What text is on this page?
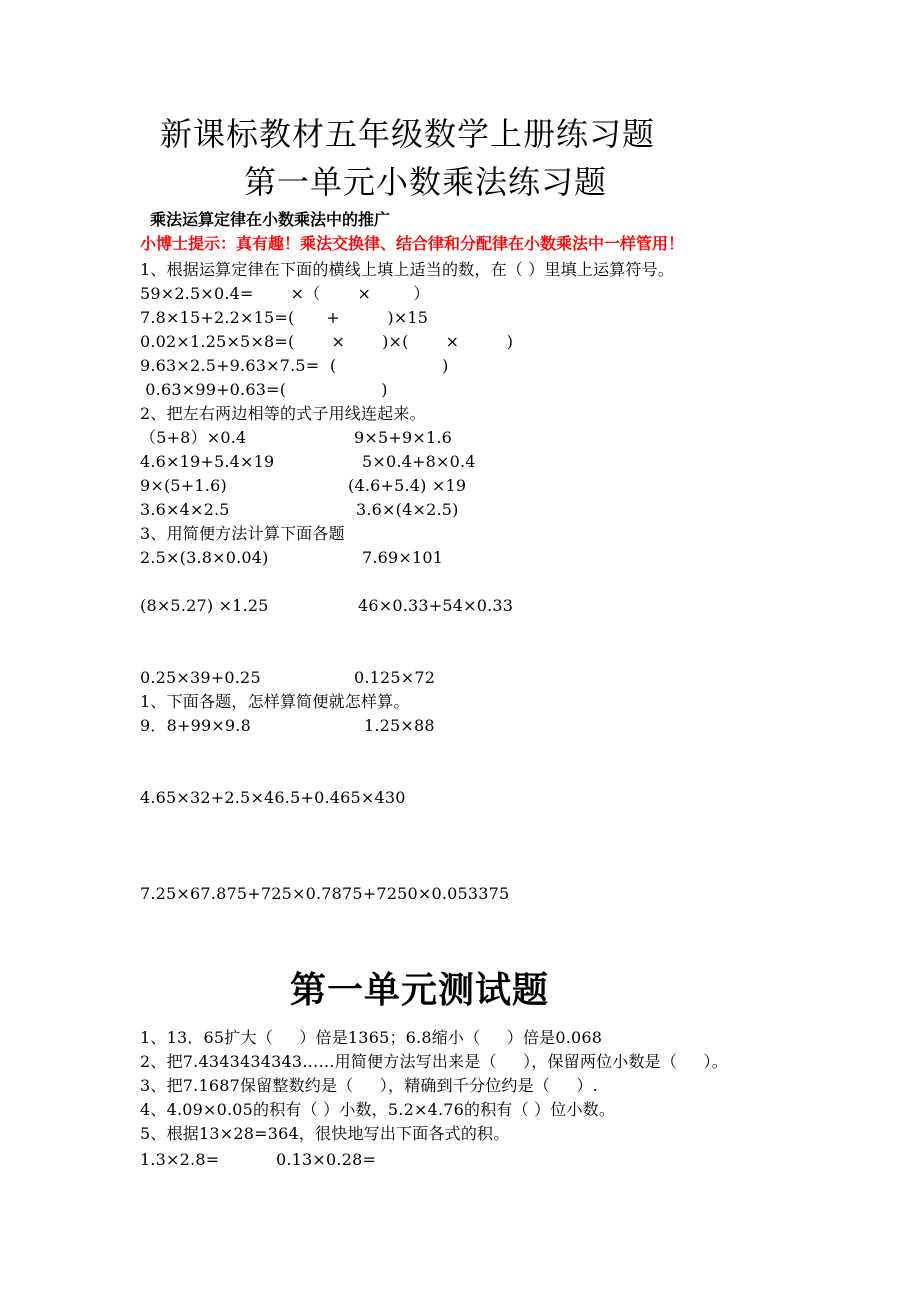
新课标教材五年级数学上册练习题
第一单元小数乘法练习题
乘法运算定律在小数乘法中的推广
小博士提示：真有趣！乘法交换律、结合律和分配律在小数乘法中一样管用！
1、根据运算定律在下面的横线上填上适当的数，在（ ）里填上运算符号。
59×2.5×0.4=       ×（       ×        ）
7.8×15+2.2×15=(      +         )×15
0.02×1.25×5×8=(       ×       )×(       ×         )
9.63×2.5+9.63×7.5=  (                    )
0.63×99+0.63=(                  )
2、把左右两边相等的式子用线连起来。
（5+8）×0.4	9×5+9×1.6
4.6×19+5.4×19	5×0.4+8×0.4
9×(5+1.6)	(4.6+5.4) ×19
3.6×4×2.5	3.6×(4×2.5)
3、用简便方法计算下面各题
2.5×(3.8×0.04)	7.69×101
(8×5.27) ×1.25	46×0.33+54×0.33
0.25×39+0.25	0.125×72
1、下面各题，怎样算简便就怎样算。
9．8+99×9.8	1.25×88
4.65×32+2.5×46.5+0.465×430
7.25×67.875+725×0.7875+7250×0.053375
第一单元测试题
1、13．65扩大（     ）倍是1365；6.8缩小（     ）倍是0.068
2、把7.4343434343……用简便方法写出来是（     ），保留两位小数是（     ）。
3、把7.1687保留整数约是（     ），精确到千分位约是（     ）.
4、4.09×0.05的积有（ ）小数，5.2×4.76的积有（ ）位小数。
5、根据13×28=364，很快地写出下面各式的积。
1.3×2.8=	0.13×0.28=
